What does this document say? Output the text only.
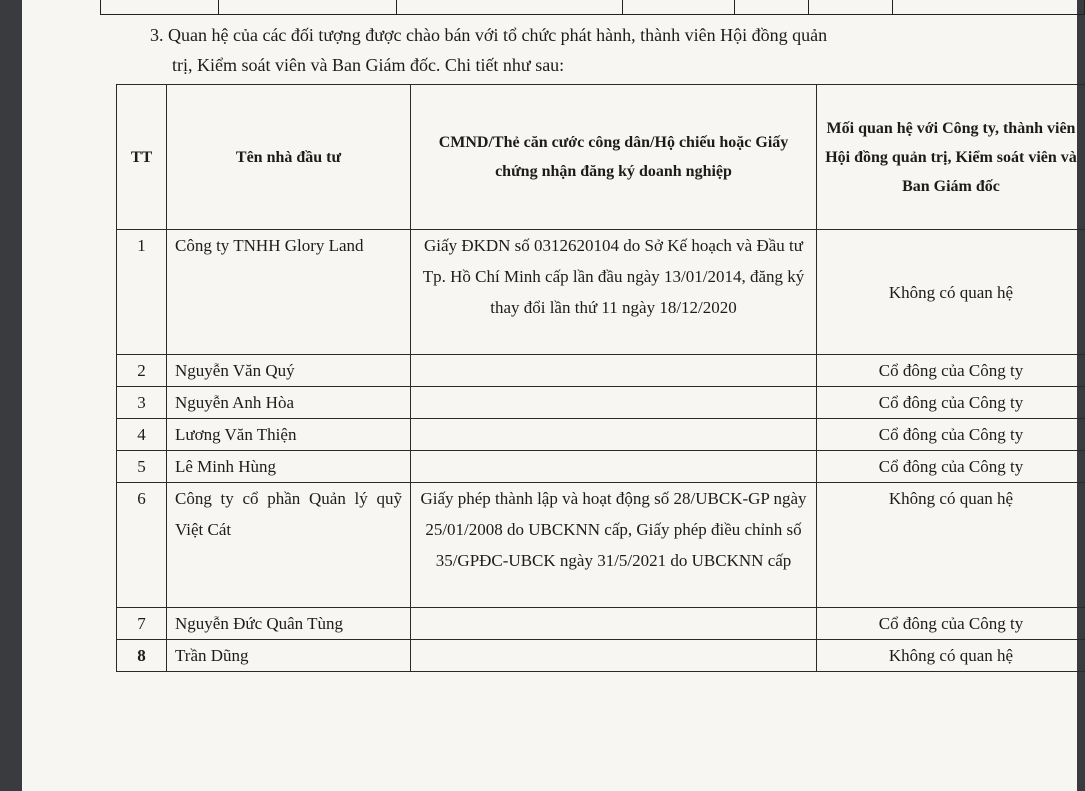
3. Quan hệ của các đối tượng được chào bán với tổ chức phát hành, thành viên Hội đồng quản
trị, Kiểm soát viên và Ban Giám đốc. Chi tiết như sau:
TT	Tên nhà đầu tư	CMND/Thẻ căn cước công dân/Hộ chiếu hoặc Giấy chứng nhận đăng ký doanh nghiệp	Mối quan hệ với Công ty, thành viên Hội đồng quản trị, Kiểm soát viên và Ban Giám đốc
1	Công ty TNHH Glory Land	Giấy ĐKDN số 0312620104 do Sở Kế hoạch và Đầu tư Tp. Hồ Chí Minh cấp lần đầu ngày 13/01/2014, đăng ký thay đổi lần thứ 11 ngày 18/12/2020	Không có quan hệ
2	Nguyễn Văn Quý		Cổ đông của Công ty
3	Nguyễn Anh Hòa		Cổ đông của Công ty
4	Lương Văn Thiện		Cổ đông của Công ty
5	Lê Minh Hùng		Cổ đông của Công ty
6	Công ty cổ phần Quản lý quỹ Việt Cát	Giấy phép thành lập và hoạt động số 28/UBCK-GP ngày 25/01/2008 do UBCKNN cấp, Giấy phép điều chỉnh số 35/GPĐC-UBCK ngày 31/5/2021 do UBCKNN cấp	Không có quan hệ
7	Nguyễn Đức Quân Tùng		Cổ đông của Công ty
8	Trần Dũng		Không có quan hệ
